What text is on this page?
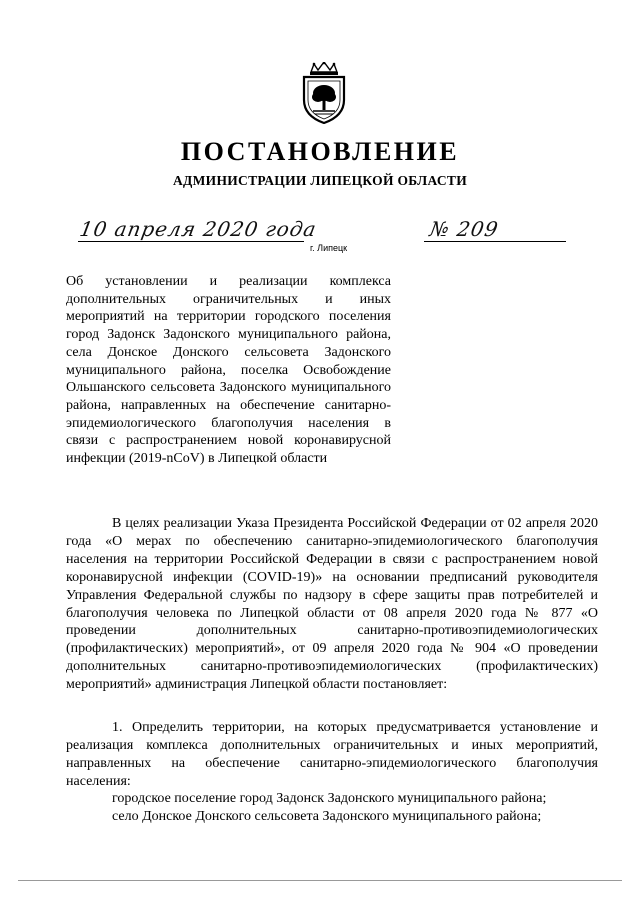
ПОСТАНОВЛЕНИЕ
АДМИНИСТРАЦИИ ЛИПЕЦКОЙ ОБЛАСТИ
10 апреля 2020 года
г. Липецк
№ 209

Об установлении и реализации комплекса дополнительных ограничительных и иных мероприятий на территории городского поселения город Задонск Задонского муниципального района, села Донское Донского сельсовета Задонского муниципального района, поселка Освобождение Ольшанского сельсовета Задонского муниципального района, направленных на обеспечение санитарно-эпидемиологического благополучия населения в связи с распространением новой коронавирусной инфекции (2019-nCoV) в Липецкой области

В целях реализации Указа Президента Российской Федерации от 02 апреля 2020 года «О мерах по обеспечению санитарно-эпидемиологического благополучия населения на территории Российской Федерации в связи с распространением новой коронавирусной инфекции (COVID-19)» на основании предписаний руководителя Управления Федеральной службы по надзору в сфере защиты прав потребителей и благополучия человека по Липецкой области от 08 апреля 2020 года № 877 «О проведении дополнительных санитарно-противоэпидемиологических (профилактических) мероприятий», от 09 апреля 2020 года № 904 «О проведении дополнительных санитарно-противоэпидемиологических (профилактических) мероприятий» администрация Липецкой области постановляет:

1. Определить территории, на которых предусматривается установление и реализация комплекса дополнительных ограничительных и иных мероприятий, направленных на обеспечение санитарно-эпидемиологического благополучия населения:

городское поселение город Задонск Задонского муниципального района;

село Донское Донского сельсовета Задонского муниципального района;
